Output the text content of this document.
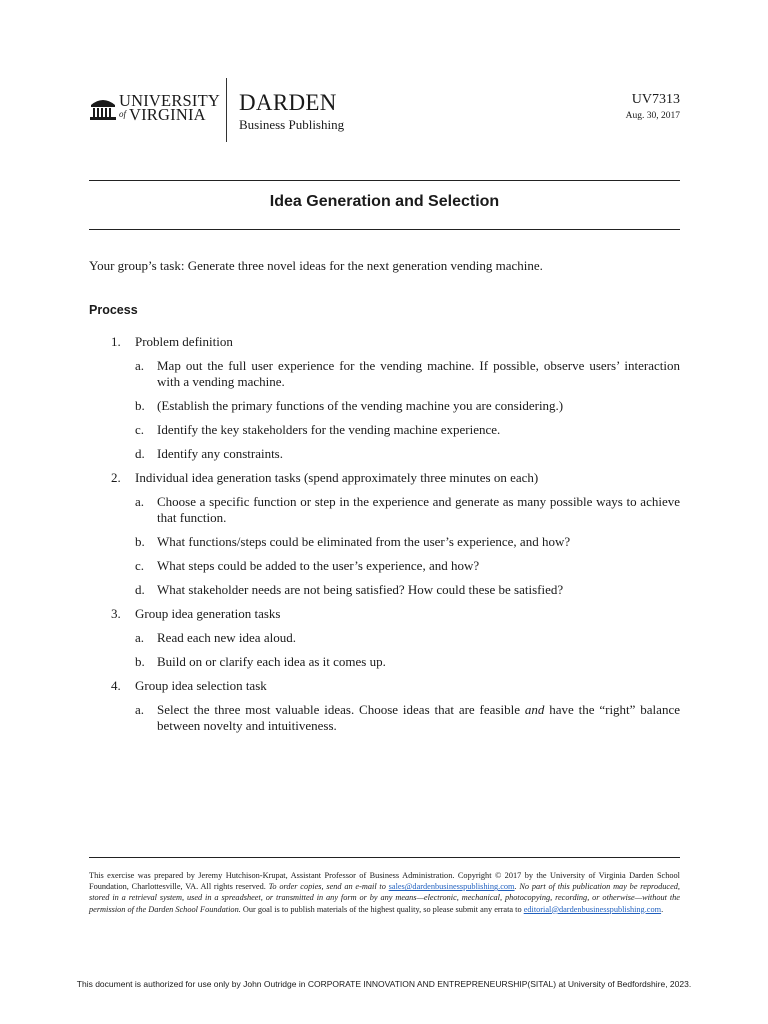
UNIVERSITY
of VIRGINIA DARDEN
Business Publishing
UV7313
Aug. 30, 2017
Idea Generation and Selection
Your group’s task: Generate three novel ideas for the next generation vending machine.
Process
1. Problem definition
a. Map out the full user experience for the vending machine. If possible, observe users’ interaction with a vending machine.
b. (Establish the primary functions of the vending machine you are considering.)
c. Identify the key stakeholders for the vending machine experience.
d. Identify any constraints.
2. Individual idea generation tasks (spend approximately three minutes on each)
a. Choose a specific function or step in the experience and generate as many possible ways to achieve that function.
b. What functions/steps could be eliminated from the user’s experience, and how?
c. What steps could be added to the user’s experience, and how?
d. What stakeholder needs are not being satisfied? How could these be satisfied?
3. Group idea generation tasks
a. Read each new idea aloud.
b. Build on or clarify each idea as it comes up.
4. Group idea selection task
a. Select the three most valuable ideas. Choose ideas that are feasible and have the “right” balance between novelty and intuitiveness.
This exercise was prepared by Jeremy Hutchison-Krupat, Assistant Professor of Business Administration. Copyright © 2017 by the University of Virginia Darden School Foundation, Charlottesville, VA. All rights reserved. To order copies, send an e-mail to sales@dardenbusinesspublishing.com. No part of this publication may be reproduced, stored in a retrieval system, used in a spreadsheet, or transmitted in any form or by any means—electronic, mechanical, photocopying, recording, or otherwise—without the permission of the Darden School Foundation. Our goal is to publish materials of the highest quality, so please submit any errata to editorial@dardenbusinesspublishing.com.
This document is authorized for use only by John Outridge in CORPORATE INNOVATION AND ENTREPRENEURSHIP(SITAL) at University of Bedfordshire, 2023.
